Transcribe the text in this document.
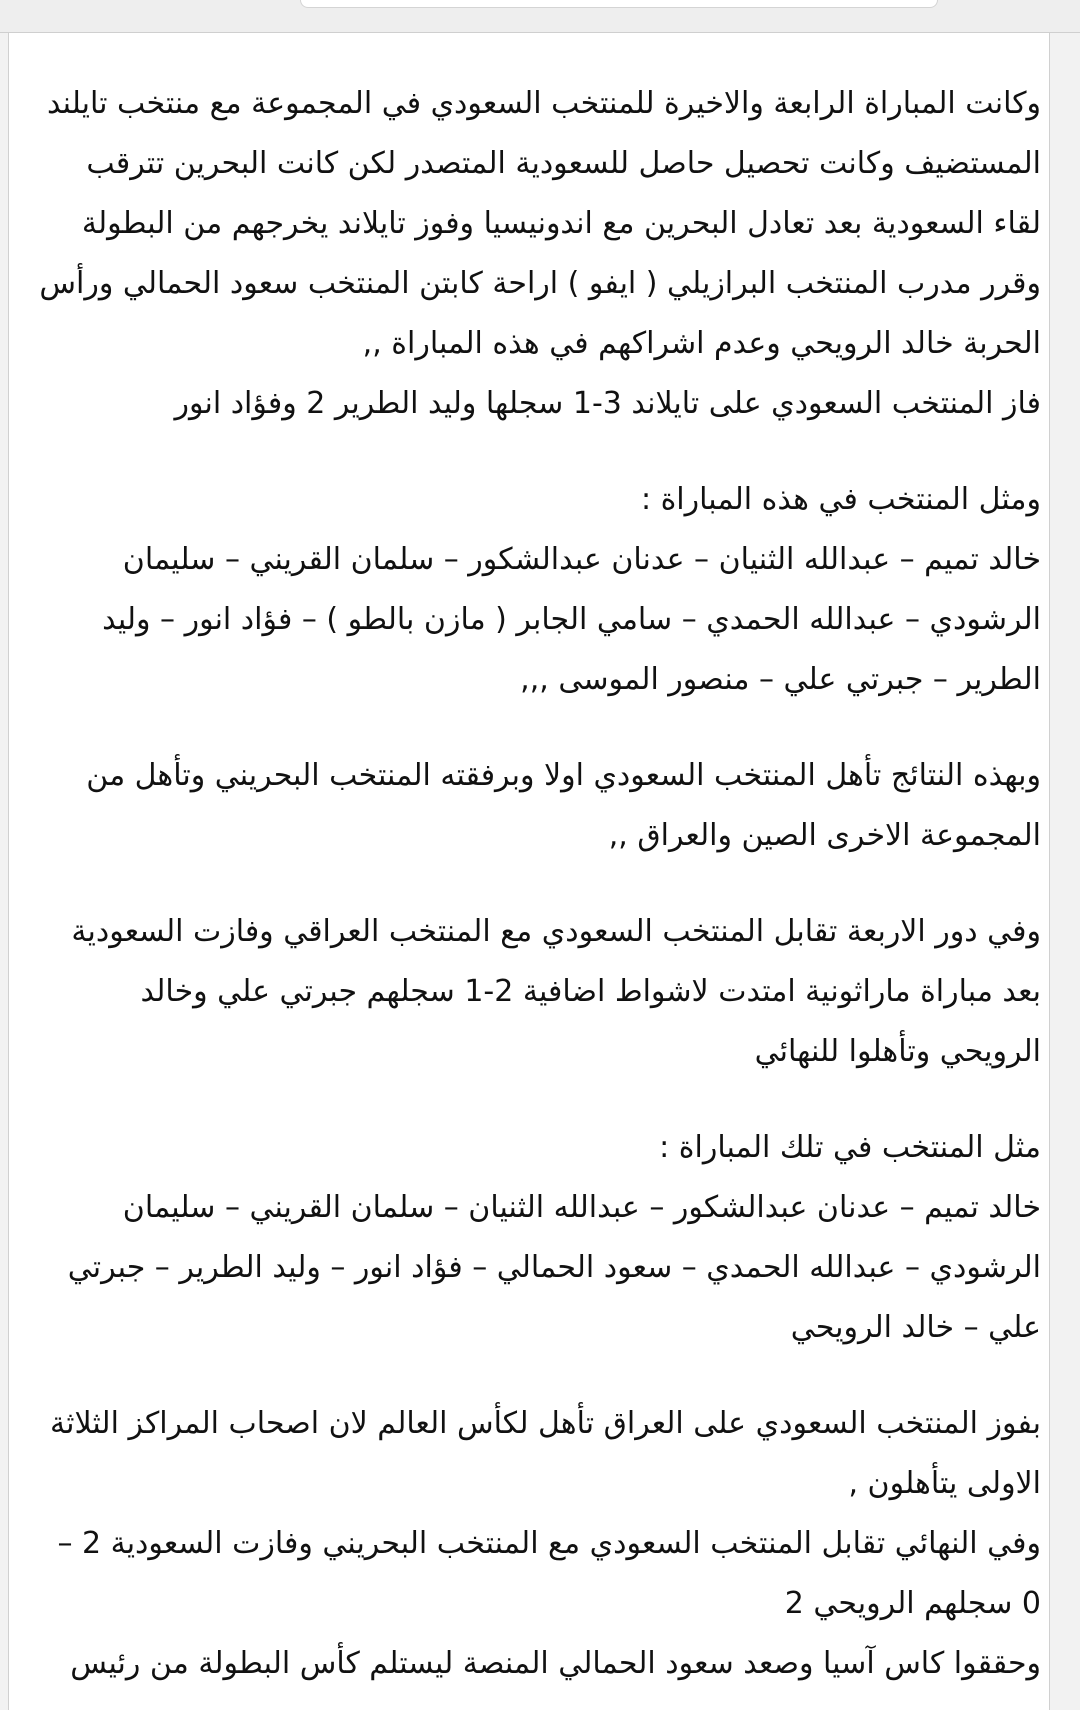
وكانت المباراة الرابعة والاخيرة للمنتخب السعودي في المجموعة مع منتخب تايلند
المستضيف وكانت تحصيل حاصل للسعودية المتصدر لكن كانت البحرين تترقب
لقاء السعودية بعد تعادل البحرين مع اندونيسيا وفوز تايلاند يخرجهم من البطولة
وقرر مدرب المنتخب البرازيلي ( ايفو ) اراحة كابتن المنتخب سعود الحمالي ورأس
الحربة خالد الرويحي وعدم اشراكهم في هذه المباراة ,,
فاز المنتخب السعودي على تايلاند 3-1 سجلها وليد الطرير 2 وفؤاد انور
ومثل المنتخب في هذه المباراة :
خالد تميم – عبدالله الثنيان – عدنان عبدالشكور – سلمان القريني – سليمان
الرشودي – عبدالله الحمدي – سامي الجابر ( مازن بالطو ) – فؤاد انور – وليد
الطرير – جبرتي علي – منصور الموسى ,,,
وبهذه النتائج تأهل المنتخب السعودي اولا وبرفقته المنتخب البحريني وتأهل من
المجموعة الاخرى الصين والعراق ,,
وفي دور الاربعة تقابل المنتخب السعودي مع المنتخب العراقي وفازت السعودية
بعد مباراة ماراثونية امتدت لاشواط اضافية 2-1 سجلهم جبرتي علي وخالد
الرويحي وتأهلوا للنهائي
مثل المنتخب في تلك المباراة :
خالد تميم – عدنان عبدالشكور – عبدالله الثنيان – سلمان القريني – سليمان
الرشودي – عبدالله الحمدي – سعود الحمالي – فؤاد انور – وليد الطرير – جبرتي
علي – خالد الرويحي
بفوز المنتخب السعودي على العراق تأهل لكأس العالم لان اصحاب المراكز الثلاثة
الاولى يتأهلون ,
وفي النهائي تقابل المنتخب السعودي مع المنتخب البحريني وفازت السعودية 2 –
0 سجلهم الرويحي 2
وحققوا كاس آسيا وصعد سعود الحمالي المنصة ليستلم كأس البطولة من رئيس
